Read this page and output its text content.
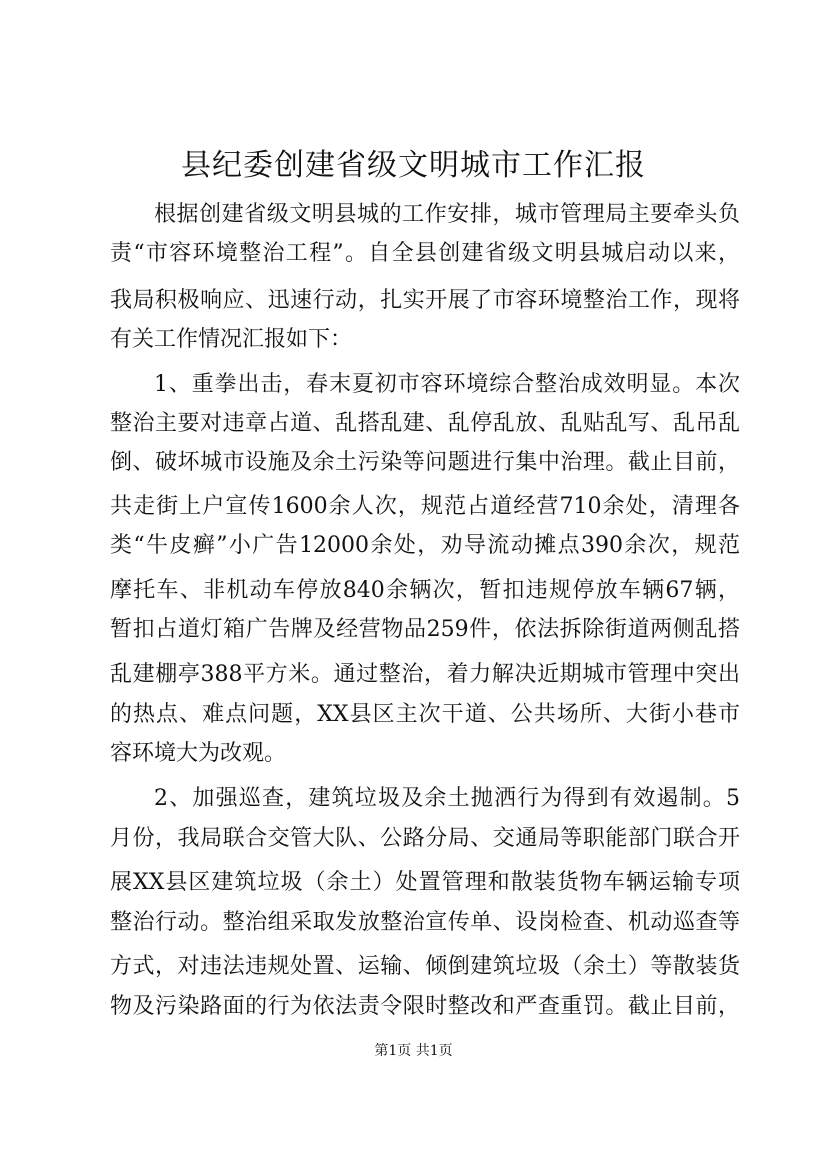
县纪委创建省级文明城市工作汇报
根据创建省级文明县城的工作安排，城市管理局主要牵头负
责“市容环境整治工程”。自全县创建省级文明县城启动以来，
我局积极响应、迅速行动，扎实开展了市容环境整治工作，现将
有关工作情况汇报如下：
1、重拳出击，春末夏初市容环境综合整治成效明显。本次
整治主要对违章占道、乱搭乱建、乱停乱放、乱贴乱写、乱吊乱
倒、破坏城市设施及余土污染等问题进行集中治理。截止目前，
共走街上户宣传1600余人次，规范占道经营710余处，清理各
类“牛皮癣”小广告12000余处，劝导流动摊点390余次，规范
摩托车、非机动车停放840余辆次，暂扣违规停放车辆67辆，
暂扣占道灯箱广告牌及经营物品259件，依法拆除街道两侧乱搭
乱建棚亭388平方米。通过整治，着力解决近期城市管理中突出
的热点、难点问题，XX县区主次干道、公共场所、大街小巷市
容环境大为改观。
2、加强巡查，建筑垃圾及余土抛洒行为得到有效遏制。5
月份，我局联合交管大队、公路分局、交通局等职能部门联合开
展XX县区建筑垃圾（余土）处置管理和散装货物车辆运输专项
整治行动。整治组采取发放整治宣传单、设岗检查、机动巡查等
方式，对违法违规处置、运输、倾倒建筑垃圾（余土）等散装货
物及污染路面的行为依法责令限时整改和严查重罚。截止目前，
第1页 共1页
